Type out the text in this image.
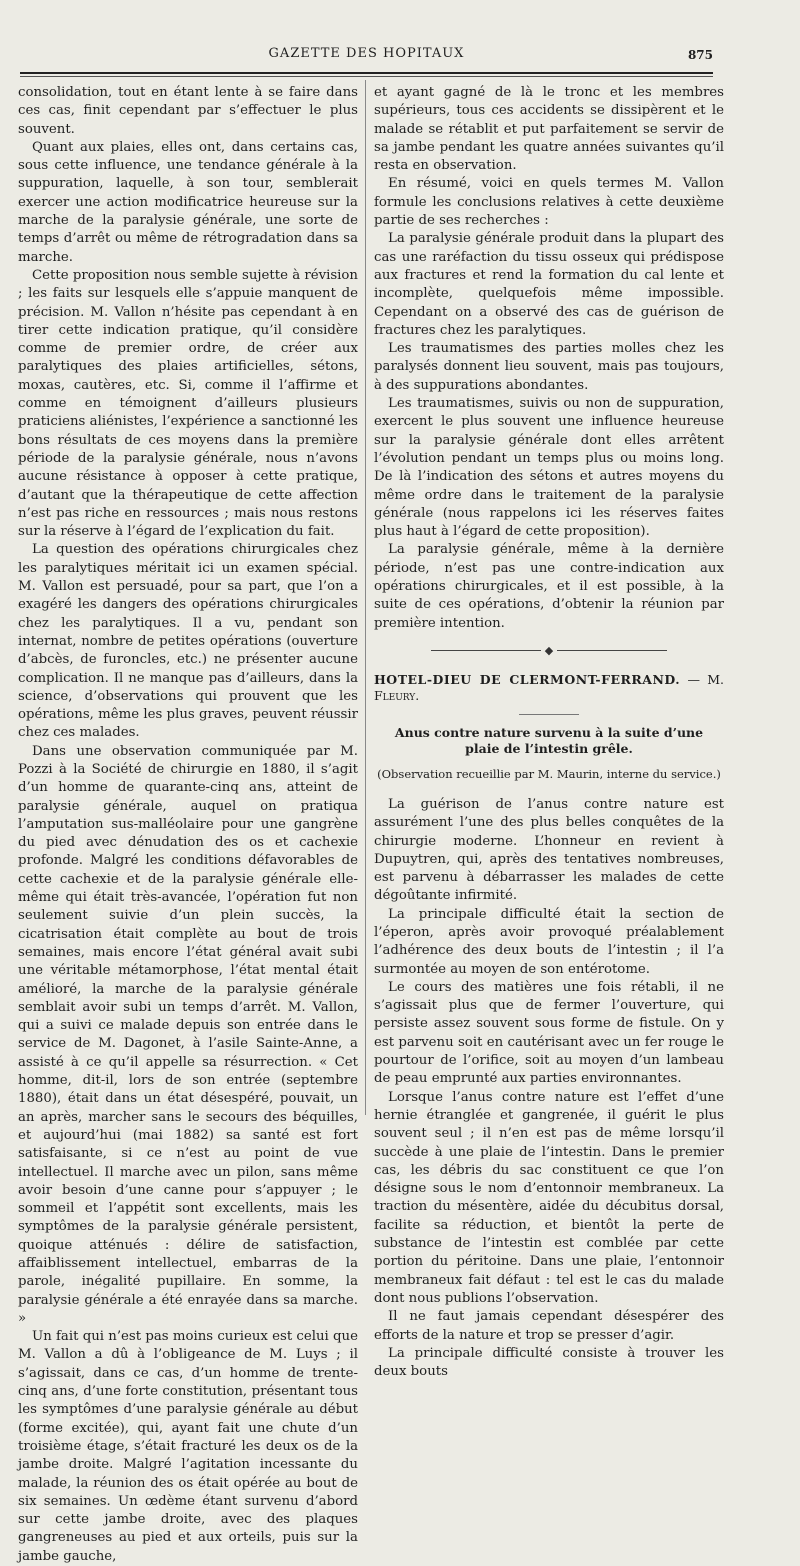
GAZETTE DES HOPITAUX	875

consolidation, tout en étant lente à se faire dans ces cas, finit cependant par s’effectuer le plus souvent.

Quant aux plaies, elles ont, dans certains cas, sous cette influence, une tendance générale à la suppuration, laquelle, à son tour, semblerait exercer une action modificatrice heureuse sur la marche de la paralysie générale, une sorte de temps d’arrêt ou même de rétrogradation dans sa marche.

Cette proposition nous semble sujette à révision ; les faits sur lesquels elle s’appuie manquent de précision. M. Vallon n’hésite pas cependant à en tirer cette indication pratique, qu’il considère comme de premier ordre, de créer aux paralytiques des plaies artificielles, sétons, moxas, cautères, etc. Si, comme il l’affirme et comme en témoignent d’ailleurs plusieurs praticiens aliénistes, l’expérience a sanctionné les bons résultats de ces moyens dans la première période de la paralysie générale, nous n’avons aucune résistance à opposer à cette pratique, d’autant que la thérapeutique de cette affection n’est pas riche en ressources ; mais nous restons sur la réserve à l’égard de l’explication du fait.

La question des opérations chirurgicales chez les paralytiques méritait ici un examen spécial. M. Vallon est persuadé, pour sa part, que l’on a exagéré les dangers des opérations chirurgicales chez les paralytiques. Il a vu, pendant son internat, nombre de petites opérations (ouverture d’abcès, de furoncles, etc.) ne présenter aucune complication. Il ne manque pas d’ailleurs, dans la science, d’observations qui prouvent que les opérations, même les plus graves, peuvent réussir chez ces malades.

Dans une observation communiquée par M. Pozzi à la Société de chirurgie en 1880, il s’agit d’un homme de quarante-cinq ans, atteint de paralysie générale, auquel on pratiqua l’amputation sus-malléolaire pour une gangrène du pied avec dénudation des os et cachexie profonde. Malgré les conditions défavorables de cette cachexie et de la paralysie générale elle-même qui était très-avancée, l’opération fut non seulement suivie d’un plein succès, la cicatrisation était complète au bout de trois semaines, mais encore l’état général avait subi une véritable métamorphose, l’état mental était amélioré, la marche de la paralysie générale semblait avoir subi un temps d’arrêt. M. Vallon, qui a suivi ce malade depuis son entrée dans le service de M. Dagonet, à l’asile Sainte-Anne, a assisté à ce qu’il appelle sa résurrection. « Cet homme, dit-il, lors de son entrée (septembre 1880), était dans un état désespéré, pouvait, un an après, marcher sans le secours des béquilles, et aujourd’hui (mai 1882) sa santé est fort satisfaisante, si ce n’est au point de vue intellectuel. Il marche avec un pilon, sans même avoir besoin d’une canne pour s’appuyer ; le sommeil et l’appétit sont excellents, mais les symptômes de la paralysie générale persistent, quoique atténués : délire de satisfaction, affaiblissement intellectuel, embarras de la parole, inégalité pupillaire. En somme, la paralysie générale a été enrayée dans sa marche. »

Un fait qui n’est pas moins curieux est celui que M. Vallon a dû à l’obligeance de M. Luys ; il s’agissait, dans ce cas, d’un homme de trente-cinq ans, d’une forte constitution, présentant tous les symptômes d’une paralysie générale au début (forme excitée), qui, ayant fait une chute d’un troisième étage, s’était fracturé les deux os de la jambe droite. Malgré l’agitation incessante du malade, la réunion des os était opérée au bout de six semaines. Un œdème étant survenu d’abord sur cette jambe droite, avec des plaques gangreneuses au pied et aux orteils, puis sur la jambe gauche,

et ayant gagné de là le tronc et les membres supérieurs, tous ces accidents se dissipèrent et le malade se rétablit et put parfaitement se servir de sa jambe pendant les quatre années suivantes qu’il resta en observation.

En résumé, voici en quels termes M. Vallon formule les conclusions relatives à cette deuxième partie de ses recherches :

La paralysie générale produit dans la plupart des cas une raréfaction du tissu osseux qui prédispose aux fractures et rend la formation du cal lente et incomplète, quelquefois même impossible. Cependant on a observé des cas de guérison de fractures chez les paralytiques.

Les traumatismes des parties molles chez les paralysés donnent lieu souvent, mais pas toujours, à des suppurations abondantes.

Les traumatismes, suivis ou non de suppuration, exercent le plus souvent une influence heureuse sur la paralysie générale dont elles arrêtent l’évolution pendant un temps plus ou moins long. De là l’indication des sétons et autres moyens du même ordre dans le traitement de la paralysie générale (nous rappelons ici les réserves faites plus haut à l’égard de cette proposition).

La paralysie générale, même à la dernière période, n’est pas une contre-indication aux opérations chirurgicales, et il est possible, à la suite de ces opérations, d’obtenir la réunion par première intention.

◆
HOTEL-DIEU DE CLERMONT-FERRAND. — M. Fleury.
Anus contre nature survenu à la suite d’une plaie de l’intestin grêle.
(Observation recueillie par M. Maurin, interne du service.)

La guérison de l’anus contre nature est assurément l’une des plus belles conquêtes de la chirurgie moderne. L’honneur en revient à Dupuytren, qui, après des tentatives nombreuses, est parvenu à débarrasser les malades de cette dégoûtante infirmité.

La principale difficulté était la section de l’éperon, après avoir provoqué préalablement l’adhérence des deux bouts de l’intestin ; il l’a surmontée au moyen de son entérotome.

Le cours des matières une fois rétabli, il ne s’agissait plus que de fermer l’ouverture, qui persiste assez souvent sous forme de fistule. On y est parvenu soit en cautérisant avec un fer rouge le pourtour de l’orifice, soit au moyen d’un lambeau de peau emprunté aux parties environnantes.

Lorsque l’anus contre nature est l’effet d’une hernie étranglée et gangrenée, il guérit le plus souvent seul ; il n’en est pas de même lorsqu’il succède à une plaie de l’intestin. Dans le premier cas, les débris du sac constituent ce que l’on désigne sous le nom d’entonnoir membraneux. La traction du mésentère, aidée du décubitus dorsal, facilite sa réduction, et bientôt la perte de substance de l’intestin est comblée par cette portion du péritoine. Dans une plaie, l’entonnoir membraneux fait défaut : tel est le cas du malade dont nous publions l’observation.

Il ne faut jamais cependant désespérer des efforts de la nature et trop se presser d’agir.

La principale difficulté consiste à trouver les deux bouts
